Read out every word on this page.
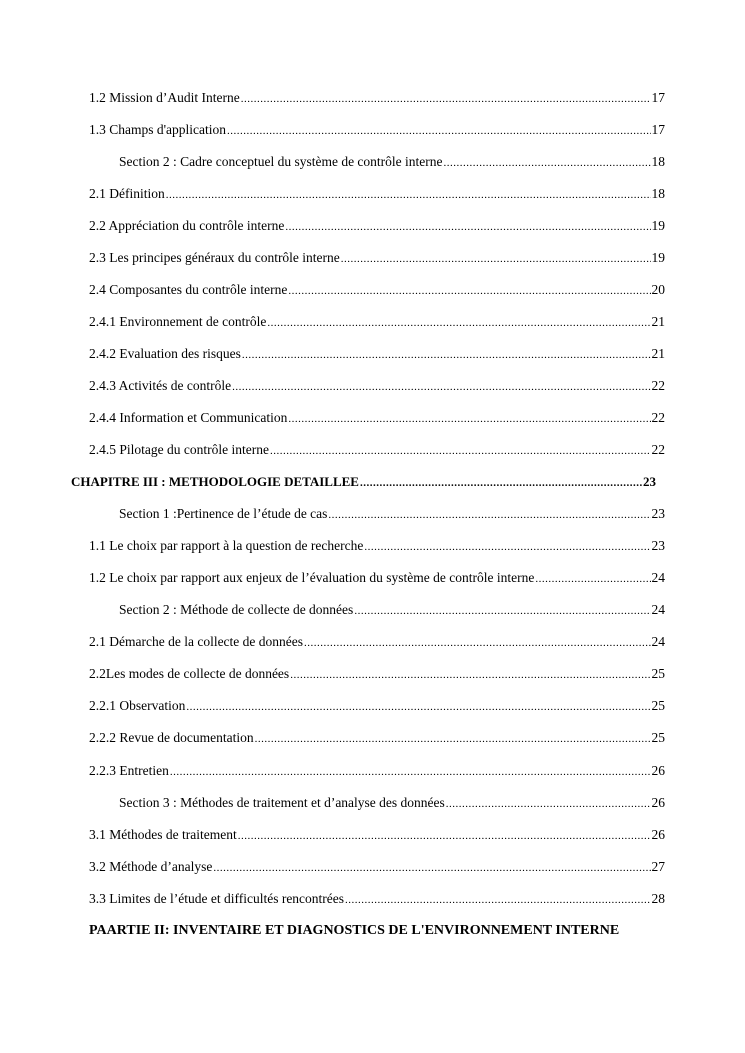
1.2 Mission d’Audit Interne .....	17
1.3 Champs d'application .....	17
Section 2 : Cadre conceptuel du système de contrôle interne .....	18
2.1 Définition .....	18
2.2 Appréciation du contrôle interne .....	19
2.3 Les principes généraux du contrôle interne .....	19
2.4 Composantes du contrôle interne .....	20
2.4.1 Environnement de contrôle .....	21
2.4.2 Evaluation des risques .....	21
2.4.3 Activités de contrôle .....	22
2.4.4 Information et Communication .....	22
2.4.5 Pilotage du contrôle interne .....	22
CHAPITRE III : METHODOLOGIE DETAILLEE .....	23
Section 1 :Pertinence de l’étude de cas .....	23
1.1 Le choix par rapport à la question de recherche .....	23
1.2 Le choix par rapport aux enjeux de l’évaluation du système de contrôle interne .....	24
Section 2 : Méthode de collecte de données .....	24
2.1 Démarche de la collecte de données .....	24
2.2Les modes de collecte de données .....	25
2.2.1 Observation .....	25
2.2.2 Revue de documentation .....	25
2.2.3 Entretien .....	26
Section 3 : Méthodes de traitement et d’analyse des données .....	26
3.1 Méthodes de traitement .....	26
3.2 Méthode d’analyse .....	27
3.3 Limites de l’étude et difficultés rencontrées .....	28
PAARTIE II: INVENTAIRE ET DIAGNOSTICS DE L'ENVIRONNEMENT INTERNE
